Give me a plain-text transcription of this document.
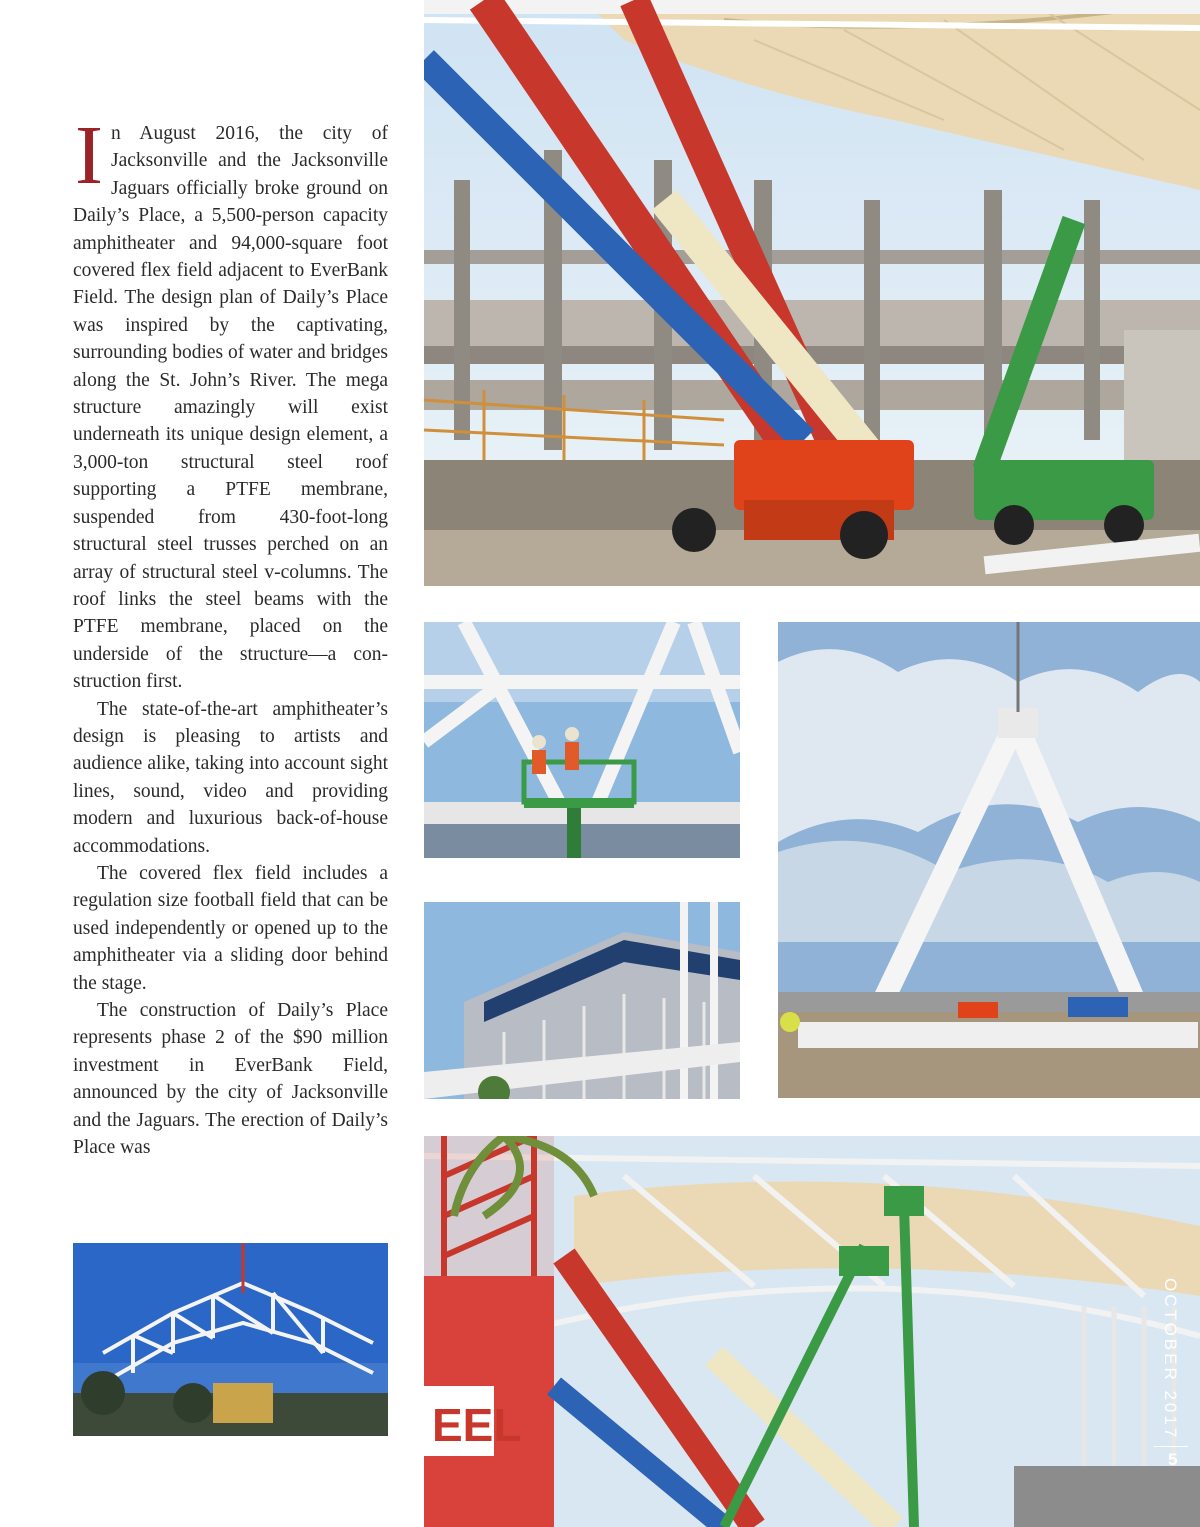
In August 2016, the city of Jacksonville and the Jacksonville Jaguars officially broke ground on Daily’s Place, a 5,500-person capacity amphitheater and 94,000-square foot covered flex field adjacent to EverBank Field. The design plan of Daily’s Place was inspired by the captivating, surrounding bodies of water and bridges along the St. John’s River. The mega structure amazingly will exist underneath its unique design element, a 3,000-ton structural steel roof supporting a PTFE membrane, suspended from 430-foot-long structural steel trusses perched on an array of structural steel v-columns. The roof links the steel beams with the PTFE membrane, placed on the underside of the structure—a construction first.

The state-of-the-art amphitheater’s design is pleasing to artists and audience alike, taking into account sight lines, sound, video and providing modern and luxurious back-of-house accommodations.

The covered flex field includes a regulation size football field that can be used independently or opened up to the amphitheater via a sliding door behind the stage.

The construction of Daily’s Place represents phase 2 of the $90 million investment in EverBank Field, announced by the city of Jacksonville and the Jaguars. The erection of Daily’s Place was

EEL	OCTOBER 2017
5
